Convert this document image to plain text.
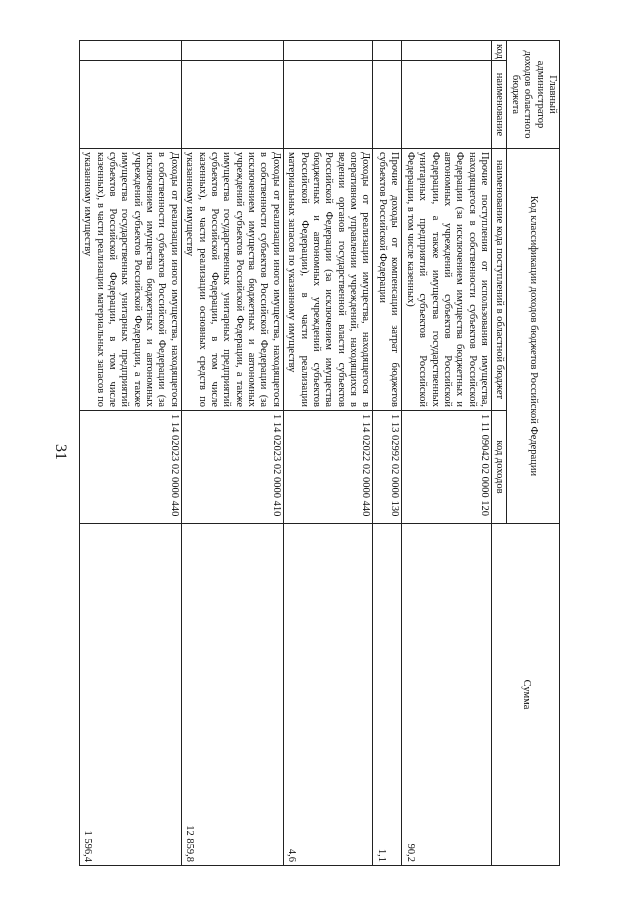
31
Главный администратор доходов областного бюджета		Код классификации доходов бюджетов Российской Федерации		Сумма
код	наименование	наименование кода поступлений в областной бюджет	код доходов	
		Прочие поступления от использования имущества, находящегося в собственности субъектов Российской Федерации (за исключением имущества бюджетных и автономных учреждений субъектов Российской Федерации, а также имущества государственных унитарных предприятий субъектов Российской Федерации, в том числе казенных)	1 11 09042 02 0000 120	90,2
		Прочие доходы от компенсации затрат бюджетов субъектов Российской Федерации	1 13 02992 02 0000 130	1,1
		Доходы от реализации имущества, находящегося в оперативном управлении учреждений, находящихся в ведении органов государственной власти субъектов Российской Федерации (за исключением имущества бюджетных и автономных учреждений субъектов Российской Федерации), в части реализации материальных запасов по указанному имуществу	1 14 02022 02 0000 440	4,6
		Доходы от реализации иного имущества, находящегося в собственности субъектов Российской Федерации (за исключением имущества бюджетных и автономных учреждений субъектов Российской Федерации, а также имущества государственных унитарных предприятий субъектов Российской Федерации, в том числе казенных), в части реализации основных средств по указанному имуществу	1 14 02023 02 0000 410	12 859,8
		Доходы от реализации иного имущества, находящегося в собственности субъектов Российской Федерации (за исключением имущества бюджетных и автономных учреждений субъектов Российской Федерации, а также имущества государственных унитарных предприятий субъектов Российской Федерации, в том числе казенных), в части реализации материальных запасов по указанному имуществу	1 14 02023 02 0000 440	1 596,4
